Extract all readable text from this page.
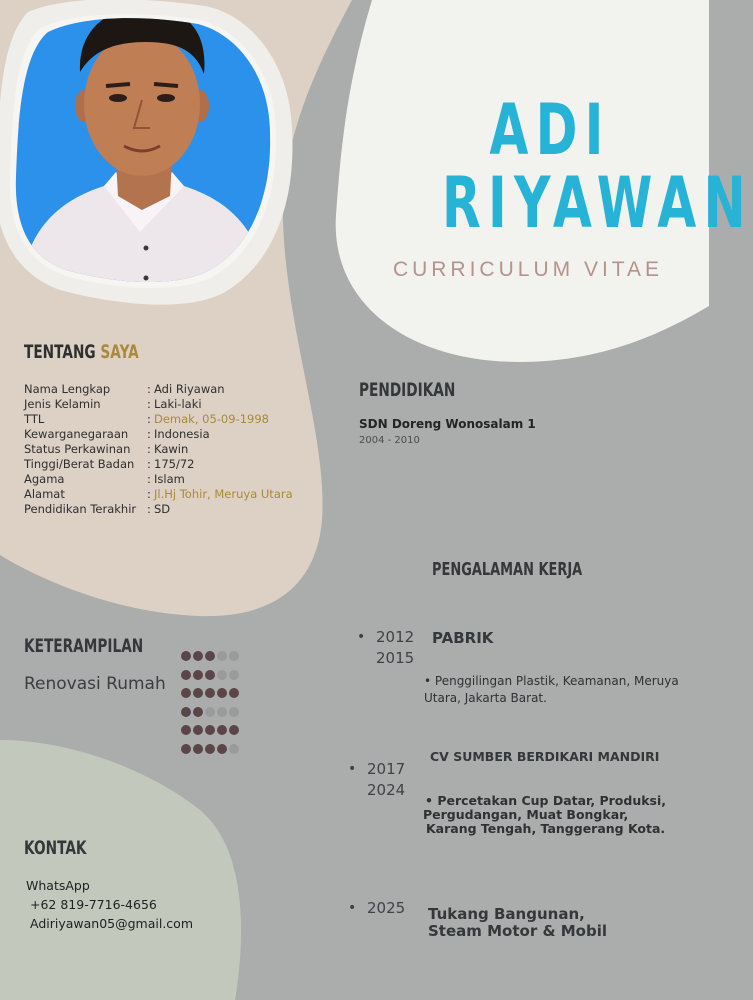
ADI
RIYAWAN
CURRICULUM VITAE
TENTANG SAYA
Nama Lengkap	: Adi Riyawan
Jenis Kelamin	: Laki-laki
TTL	: Demak, 05-09-1998
Kewarganegaraan	: Indonesia
Status Perkawinan	: Kawin
Tinggi/Berat Badan	: 175/72
Agama	: Islam
Alamat	: Jl.Hj Tohir, Meruya Utara
Pendidikan Terakhir : SD
PENDIDIKAN
SDN Doreng Wonosalam 1
2004 - 2010
PENGALAMAN KERJA
• 2012
2015
PABRIK
• Penggilingan Plastik, Keamanan, Meruya
Utara, Jakarta Barat.
• 2017
2024
CV SUMBER BERDIKARI MANDIRI
• Percetakan Cup Datar, Produksi,
Pergudangan, Muat Bongkar,
Karang Tengah, Tanggerang Kota.
• 2025 Tukang Bangunan,
Steam Motor & Mobil
KETERAMPILAN
Renovasi Rumah
KONTAK
WhatsApp
+62 819-7716-4656
Adiriyawan05@gmail.com
